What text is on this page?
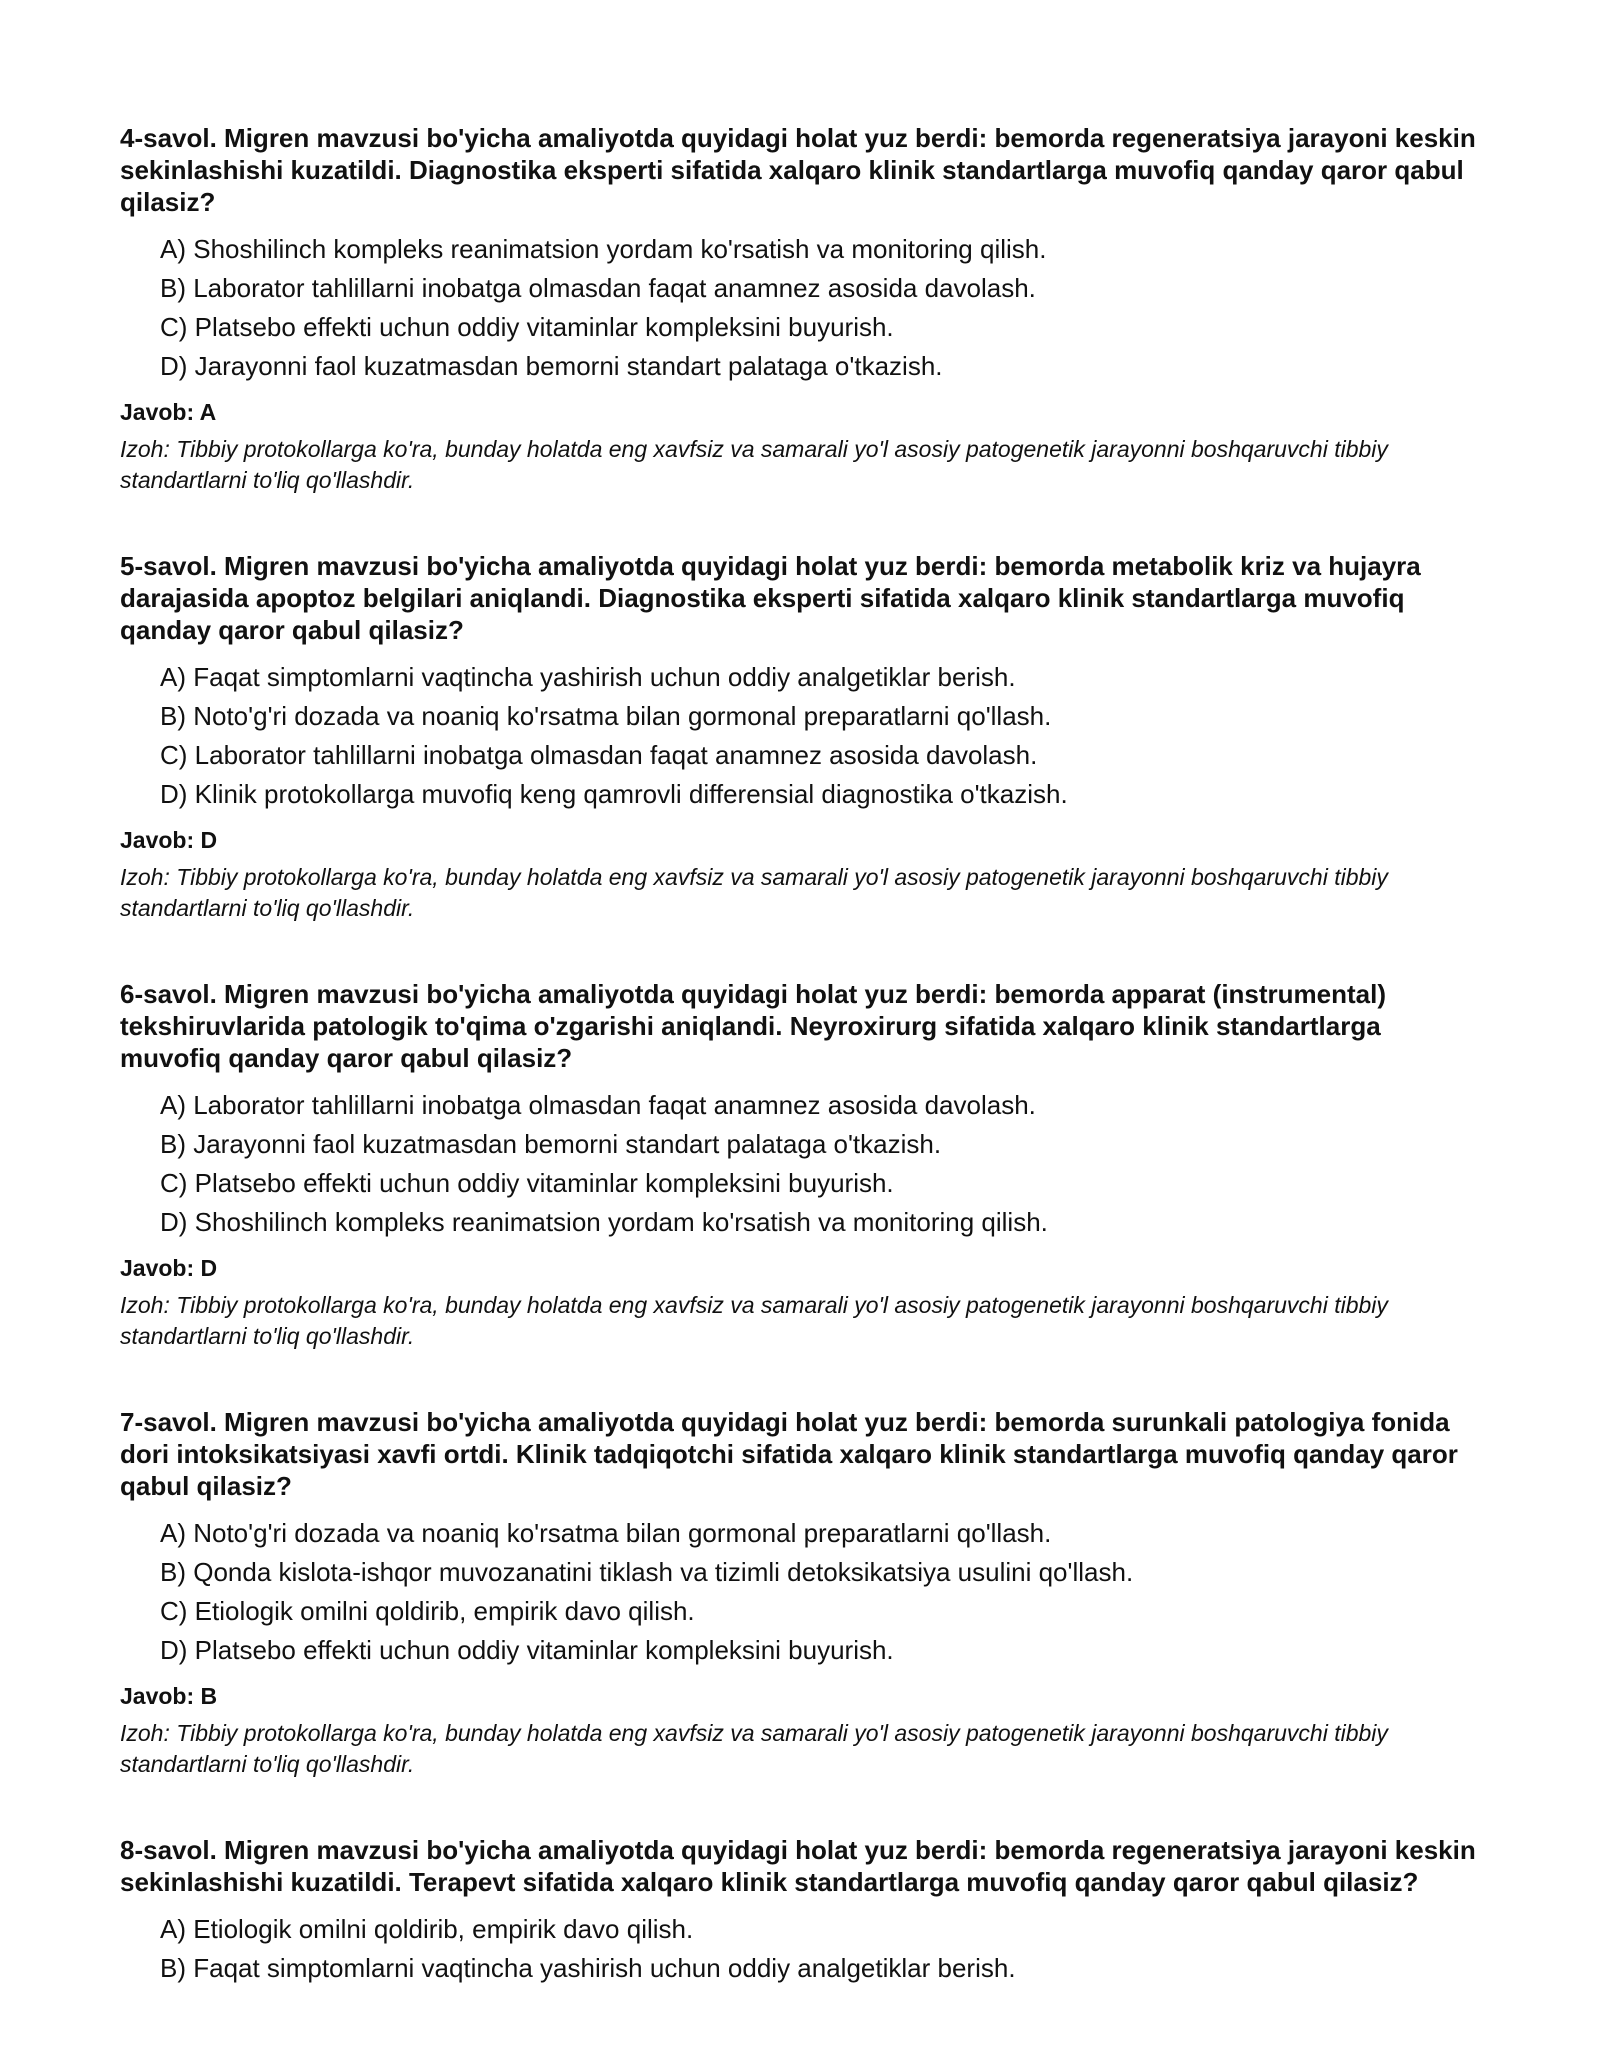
4-savol. Migren mavzusi bo'yicha amaliyotda quyidagi holat yuz berdi: bemorda regeneratsiya jarayoni keskin sekinlashishi kuzatildi. Diagnostika eksperti sifatida xalqaro klinik standartlarga muvofiq qanday qaror qabul qilasiz?
A) Shoshilinch kompleks reanimatsion yordam ko'rsatish va monitoring qilish.
B) Laborator tahlillarni inobatga olmasdan faqat anamnez asosida davolash.
C) Platsebo effekti uchun oddiy vitaminlar kompleksini buyurish.
D) Jarayonni faol kuzatmasdan bemorni standart palataga o'tkazish.
Javob: A

Izoh: Tibbiy protokollarga ko'ra, bunday holatda eng xavfsiz va samarali yo'l asosiy patogenetik jarayonni boshqaruvchi tibbiy standartlarni to'liq qo'llashdir.

5-savol. Migren mavzusi bo'yicha amaliyotda quyidagi holat yuz berdi: bemorda metabolik kriz va hujayra darajasida apoptoz belgilari aniqlandi. Diagnostika eksperti sifatida xalqaro klinik standartlarga muvofiq qanday qaror qabul qilasiz?
A) Faqat simptomlarni vaqtincha yashirish uchun oddiy analgetiklar berish.
B) Noto'g'ri dozada va noaniq ko'rsatma bilan gormonal preparatlarni qo'llash.
C) Laborator tahlillarni inobatga olmasdan faqat anamnez asosida davolash.
D) Klinik protokollarga muvofiq keng qamrovli differensial diagnostika o'tkazish.
Javob: D

Izoh: Tibbiy protokollarga ko'ra, bunday holatda eng xavfsiz va samarali yo'l asosiy patogenetik jarayonni boshqaruvchi tibbiy standartlarni to'liq qo'llashdir.

6-savol. Migren mavzusi bo'yicha amaliyotda quyidagi holat yuz berdi: bemorda apparat (instrumental) tekshiruvlarida patologik to'qima o'zgarishi aniqlandi. Neyroxirurg sifatida xalqaro klinik standartlarga muvofiq qanday qaror qabul qilasiz?
A) Laborator tahlillarni inobatga olmasdan faqat anamnez asosida davolash.
B) Jarayonni faol kuzatmasdan bemorni standart palataga o'tkazish.
C) Platsebo effekti uchun oddiy vitaminlar kompleksini buyurish.
D) Shoshilinch kompleks reanimatsion yordam ko'rsatish va monitoring qilish.
Javob: D

Izoh: Tibbiy protokollarga ko'ra, bunday holatda eng xavfsiz va samarali yo'l asosiy patogenetik jarayonni boshqaruvchi tibbiy standartlarni to'liq qo'llashdir.

7-savol. Migren mavzusi bo'yicha amaliyotda quyidagi holat yuz berdi: bemorda surunkali patologiya fonida dori intoksikatsiyasi xavfi ortdi. Klinik tadqiqotchi sifatida xalqaro klinik standartlarga muvofiq qanday qaror qabul qilasiz?
A) Noto'g'ri dozada va noaniq ko'rsatma bilan gormonal preparatlarni qo'llash.
B) Qonda kislota-ishqor muvozanatini tiklash va tizimli detoksikatsiya usulini qo'llash.
C) Etiologik omilni qoldirib, empirik davo qilish.
D) Platsebo effekti uchun oddiy vitaminlar kompleksini buyurish.
Javob: B

Izoh: Tibbiy protokollarga ko'ra, bunday holatda eng xavfsiz va samarali yo'l asosiy patogenetik jarayonni boshqaruvchi tibbiy standartlarni to'liq qo'llashdir.

8-savol. Migren mavzusi bo'yicha amaliyotda quyidagi holat yuz berdi: bemorda regeneratsiya jarayoni keskin sekinlashishi kuzatildi. Terapevt sifatida xalqaro klinik standartlarga muvofiq qanday qaror qabul qilasiz?
A) Etiologik omilni qoldirib, empirik davo qilish.
B) Faqat simptomlarni vaqtincha yashirish uchun oddiy analgetiklar berish.
